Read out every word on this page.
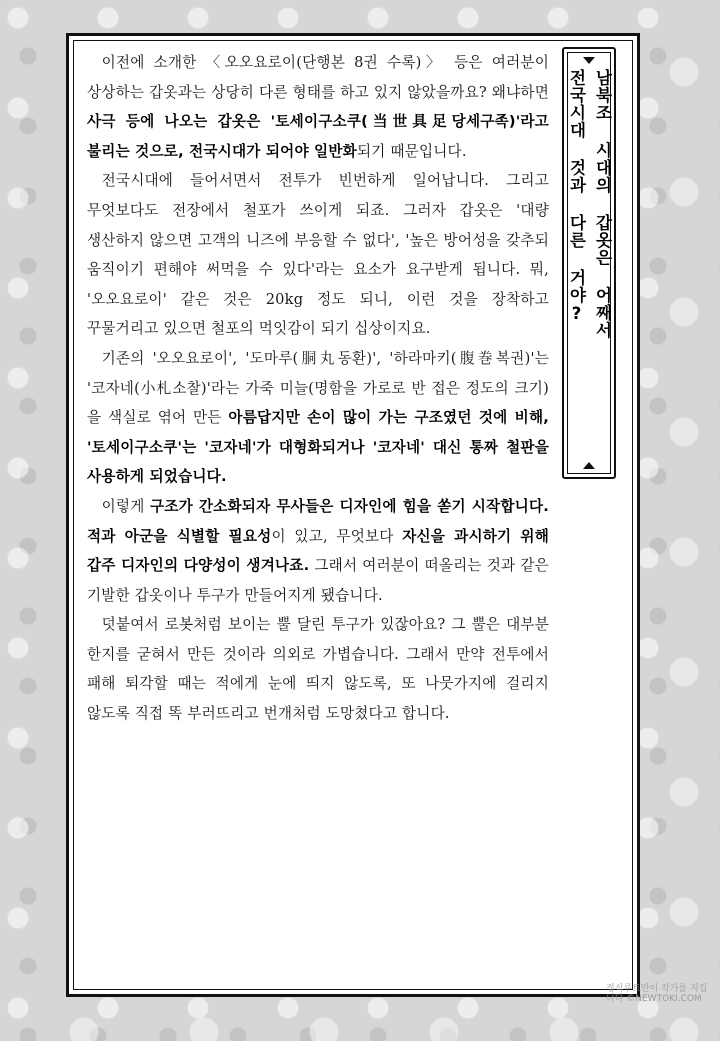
이전에 소개한 〈오오요로이(단행본 8권 수록)〉 등은 여러분이 상상하는 갑옷과는 상당히 다른 형태를 하고 있지 않았을까요? 왜냐하면 사극 등에 나오는 갑옷은 '토세이구소쿠(当世具足당세구족)'라고 불리는 것으로, 전국시대가 되어야 일반화되기 때문입니다.

전국시대에 들어서면서 전투가 빈번하게 일어납니다. 그리고 무엇보다도 전장에서 철포가 쓰이게 되죠. 그러자 갑옷은 '대량 생산하지 않으면 고객의 니즈에 부응할 수 없다', '높은 방어성을 갖추되 움직이기 편해야 써먹을 수 있다'라는 요소가 요구받게 됩니다. 뭐, '오오요로이' 같은 것은 20kg 정도 되니, 이런 것을 장착하고 꾸물거리고 있으면 철포의 먹잇감이 되기 십상이지요.

기존의 '오오요로이', '도마루(胴丸동환)', '하라마키(腹巻복권)'는 '코자네(小札소찰)'라는 가죽 미늘(명함을 가로로 반 접은 정도의 크기)을 색실로 엮어 만든 아름답지만 손이 많이 가는 구조였던 것에 비해, '토세이구소쿠'는 '코자네'가 대형화되거나 '코자네' 대신 통짜 철판을 사용하게 되었습니다.

이렇게 구조가 간소화되자 무사들은 디자인에 힘을 쏟기 시작합니다. 적과 아군을 식별할 필요성이 있고, 무엇보다 자신을 과시하기 위해 갑주 디자인의 다양성이 생겨나죠. 그래서 여러분이 떠올리는 것과 같은 기발한 갑옷이나 투구가 만들어지게 됐습니다.

덧붙여서 로봇처럼 보이는 뿔 달린 투구가 있잖아요? 그 뿔은 대부분 한지를 굳혀서 만든 것이라 의외로 가볍습니다. 그래서 만약 전투에서 패해 퇴각할 때는 적에게 눈에 띄지 않도록, 또 나뭇가지에 걸리지 않도록 직접 똑 부러뜨리고 번개처럼 도망쳤다고 합니다.

남북조 시대의 갑옷은 어째서
전국시대 것과 다른 거야?
정식루트만이 작가를 지킵니다 ©NEWTOKI.COM
